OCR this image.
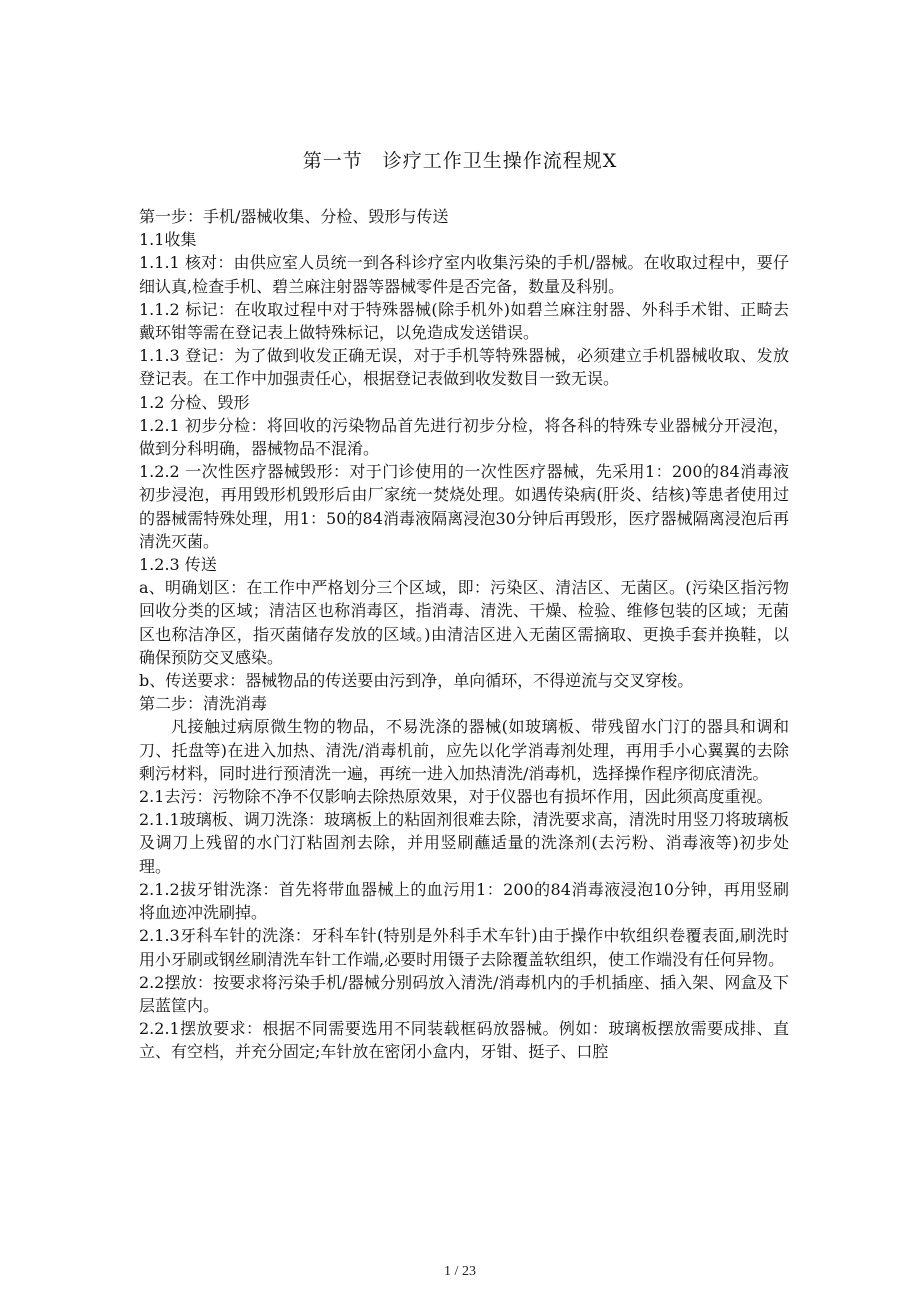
第一节　诊疗工作卫生操作流程规X

第一步：手机/器械收集、分检、毁形与传送

1.1收集

1.1.1 核对：由供应室人员统一到各科诊疗室内收集污染的手机/器械。在收取过程中，要仔细认真,检查手机、碧兰麻注射器等器械零件是否完备，数量及科别。

1.1.2 标记：在收取过程中对于特殊器械(除手机外)如碧兰麻注射器、外科手术钳、正畸去戴环钳等需在登记表上做特殊标记，以免造成发送错误。

1.1.3 登记：为了做到收发正确无误，对于手机等特殊器械，必须建立手机器械收取、发放登记表。在工作中加强责任心，根据登记表做到收发数目一致无误。

1.2 分检、毁形

1.2.1 初步分检：将回收的污染物品首先进行初步分检，将各科的特殊专业器械分开浸泡，做到分科明确，器械物品不混淆。

1.2.2 一次性医疗器械毁形：对于门诊使用的一次性医疗器械，先采用1：200的84消毒液初步浸泡，再用毁形机毁形后由厂家统一焚烧处理。如遇传染病(肝炎、结核)等患者使用过的器械需特殊处理，用1：50的84消毒液隔离浸泡30分钟后再毁形，医疗器械隔离浸泡后再清洗灭菌。

1.2.3 传送

a、明确划区：在工作中严格划分三个区域，即：污染区、清洁区、无菌区。(污染区指污物回收分类的区域；清洁区也称消毒区，指消毒、清洗、干燥、检验、维修包装的区域；无菌区也称洁净区，指灭菌储存发放的区域。)由清洁区进入无菌区需摘取、更换手套并换鞋，以确保预防交叉感染。

b、传送要求：器械物品的传送要由污到净，单向循环，不得逆流与交叉穿梭。

第二步：清洗消毒

凡接触过病原微生物的物品，不易洗涤的器械(如玻璃板、带残留水门汀的器具和调和刀、托盘等)在进入加热、清洗/消毒机前，应先以化学消毒剂处理，再用手小心翼翼的去除剩污材料，同时进行预清洗一遍，再统一进入加热清洗/消毒机，选择操作程序彻底清洗。

2.1去污：污物除不净不仅影响去除热原效果，对于仪器也有损坏作用，因此须高度重视。

2.1.1玻璃板、调刀洗涤：玻璃板上的粘固剂很难去除，清洗要求高，清洗时用竖刀将玻璃板及调刀上残留的水门汀粘固剂去除，并用竖刷蘸适量的洗涤剂(去污粉、消毒液等)初步处理。

2.1.2拔牙钳洗涤：首先将带血器械上的血污用1：200的84消毒液浸泡10分钟，再用竖刷将血迹冲洗刷掉。

2.1.3牙科车针的洗涤：牙科车针(特别是外科手术车针)由于操作中软组织卷覆表面,刷洗时用小牙刷或钢丝刷清洗车针工作端,必要时用镊子去除覆盖软组织，使工作端没有任何异物。

2.2摆放：按要求将污染手机/器械分别码放入清洗/消毒机内的手机插座、插入架、网盒及下层蓝筐内。

2.2.1摆放要求：根据不同需要选用不同装载框码放器械。例如：玻璃板摆放需要成排、直立、有空档，并充分固定;车针放在密闭小盒内，牙钳、挺子、口腔

1 / 23
